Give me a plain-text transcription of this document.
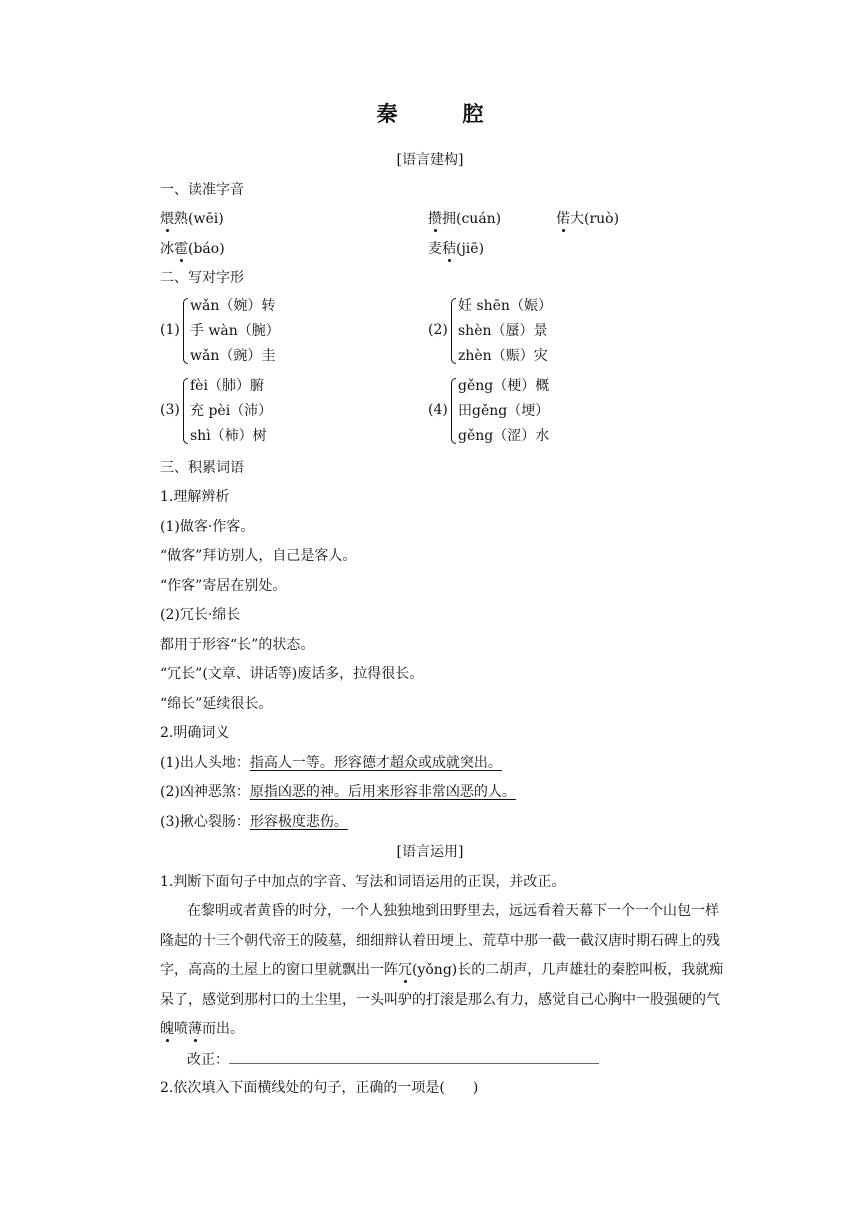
秦　腔
[语言建构]
一、读准字音
煨熟(wēi)	攒拥(cuán)	偌大(ruò)
冰雹(báo)	麦秸(jiē)
二、写对字形
(1)
wǎn（婉）转
手 wàn（腕）
wǎn（豌）圭
(2)
妊 shēn（娠）
shèn（蜃）景
zhèn（赈）灾
(3)
fèi（肺）腑
充 pèi（沛）
shì（柿）树
(4)
gěng（梗）概
田gěng（埂）
gěng（涩）水
三、积累词语
1.理解辨析
(1)做客·作客。
“做客”拜访别人，自己是客人。
“作客”寄居在别处。
(2)冗长·绵长
都用于形容“长”的状态。
“冗长”(文章、讲话等)废话多，拉得很长。
“绵长”延续很长。
2.明确词义
(1)出人头地：指高人一等。形容德才超众或成就突出。
(2)凶神恶煞：原指凶恶的神。后用来形容非常凶恶的人。
(3)揪心裂肠：形容极度悲伤。
[语言运用]
1.判断下面句子中加点的字音、写法和词语运用的正误，并改正。
在黎明或者黄昏的时分，一个人独独地到田野里去，远远看着天幕下一个一个山包一样
隆起的十三个朝代帝王的陵墓，细细辩认着田埂上、荒草中那一截一截汉唐时期石碑上的残
字，高高的土屋上的窗口里就飘出一阵冗(yǒng)长的二胡声，几声雄壮的秦腔叫板，我就痴
呆了，感觉到那村口的土尘里，一头叫驴的打滚是那么有力，感觉自己心胸中一股强硬的气
魄喷薄而出。
改正：
2.依次填入下面横线处的句子，正确的一项是(　　)
